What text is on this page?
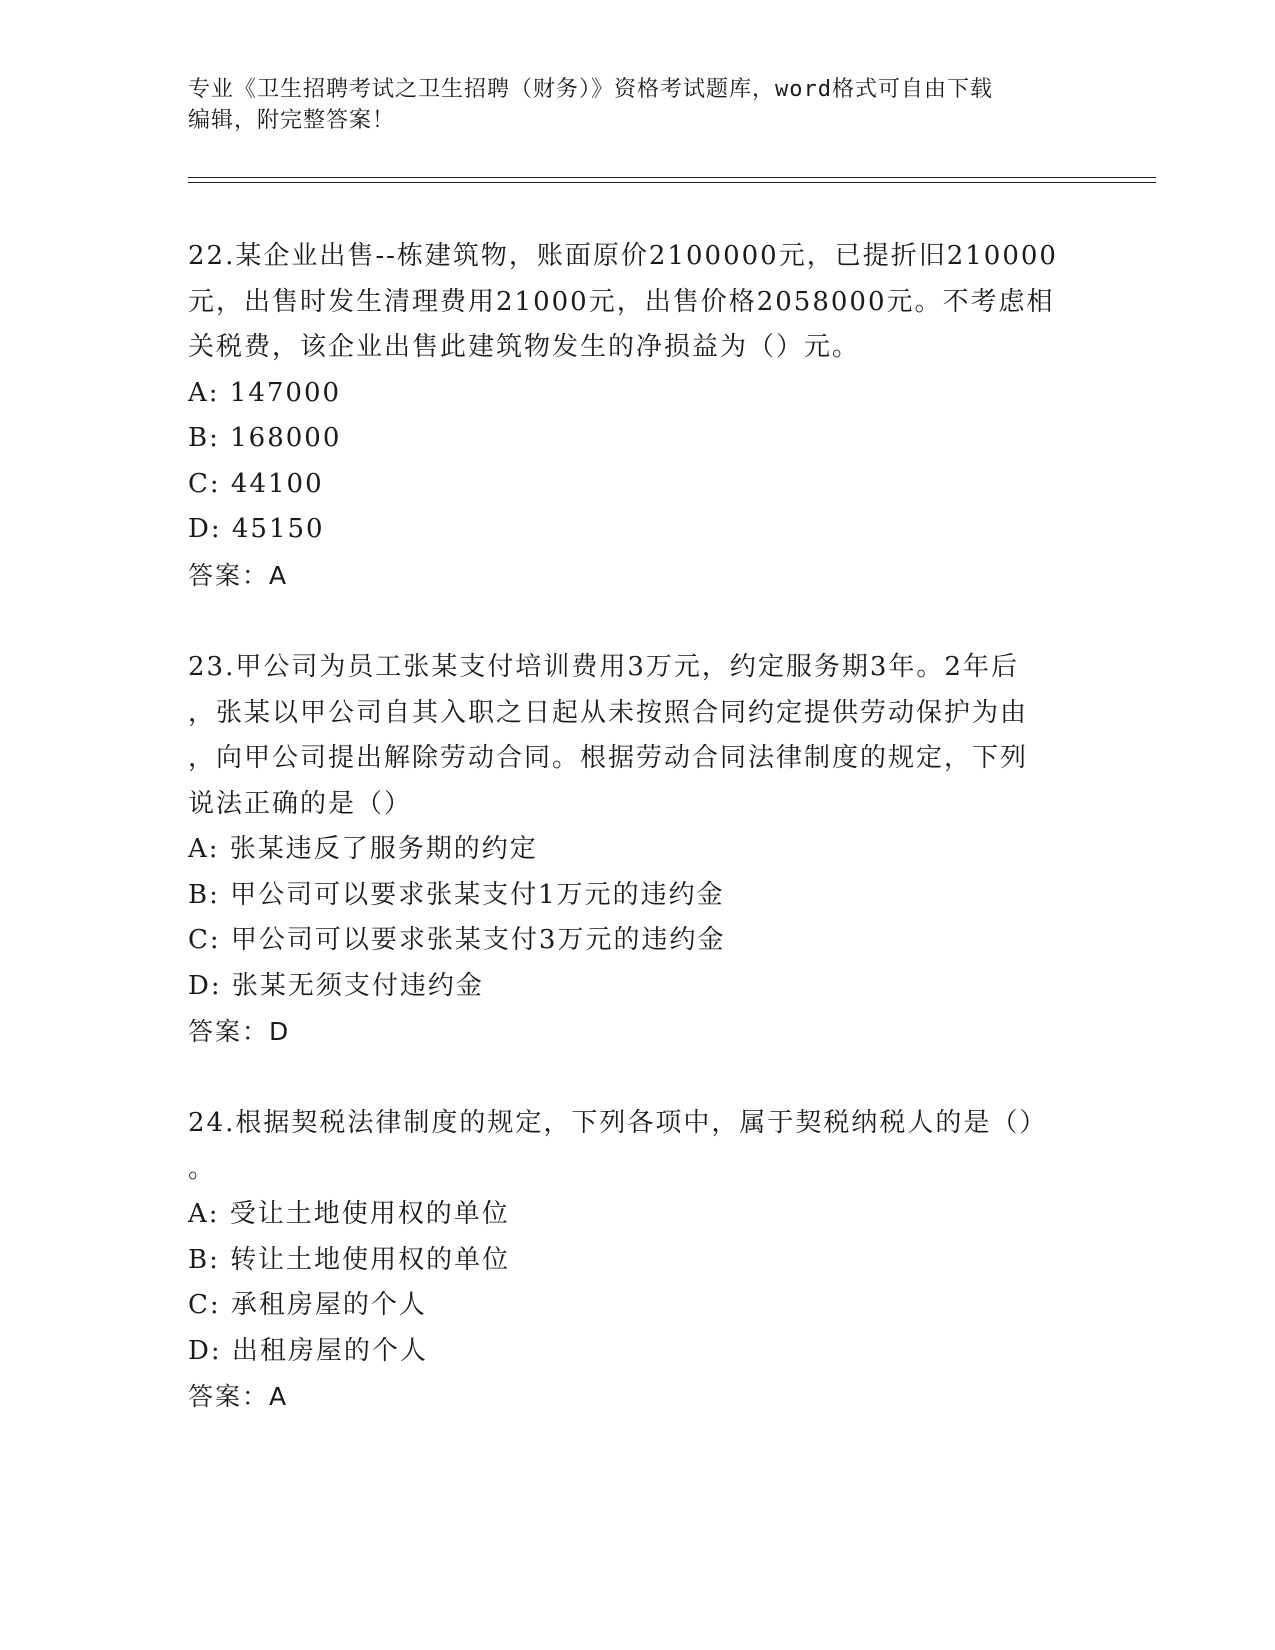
专业《卫生招聘考试之卫生招聘（财务）》资格考试题库，word格式可自由下载
编辑，附完整答案！
22.某企业出售--栋建筑物，账面原价2100000元，已提折旧210000
元，出售时发生清理费用21000元，出售价格2058000元。不考虑相
关税费，该企业出售此建筑物发生的净损益为（）元。
A: 147000
B: 168000
C: 44100
D: 45150
答案：A
23.甲公司为员工张某支付培训费用3万元，约定服务期3年。2年后
，张某以甲公司自其入职之日起从未按照合同约定提供劳动保护为由
，向甲公司提出解除劳动合同。根据劳动合同法律制度的规定，下列
说法正确的是（）
A: 张某违反了服务期的约定
B: 甲公司可以要求张某支付1万元的违约金
C: 甲公司可以要求张某支付3万元的违约金
D: 张某无须支付违约金
答案：D
24.根据契税法律制度的规定，下列各项中，属于契税纳税人的是（）
。
A: 受让土地使用权的单位
B: 转让土地使用权的单位
C: 承租房屋的个人
D: 出租房屋的个人
答案：A
